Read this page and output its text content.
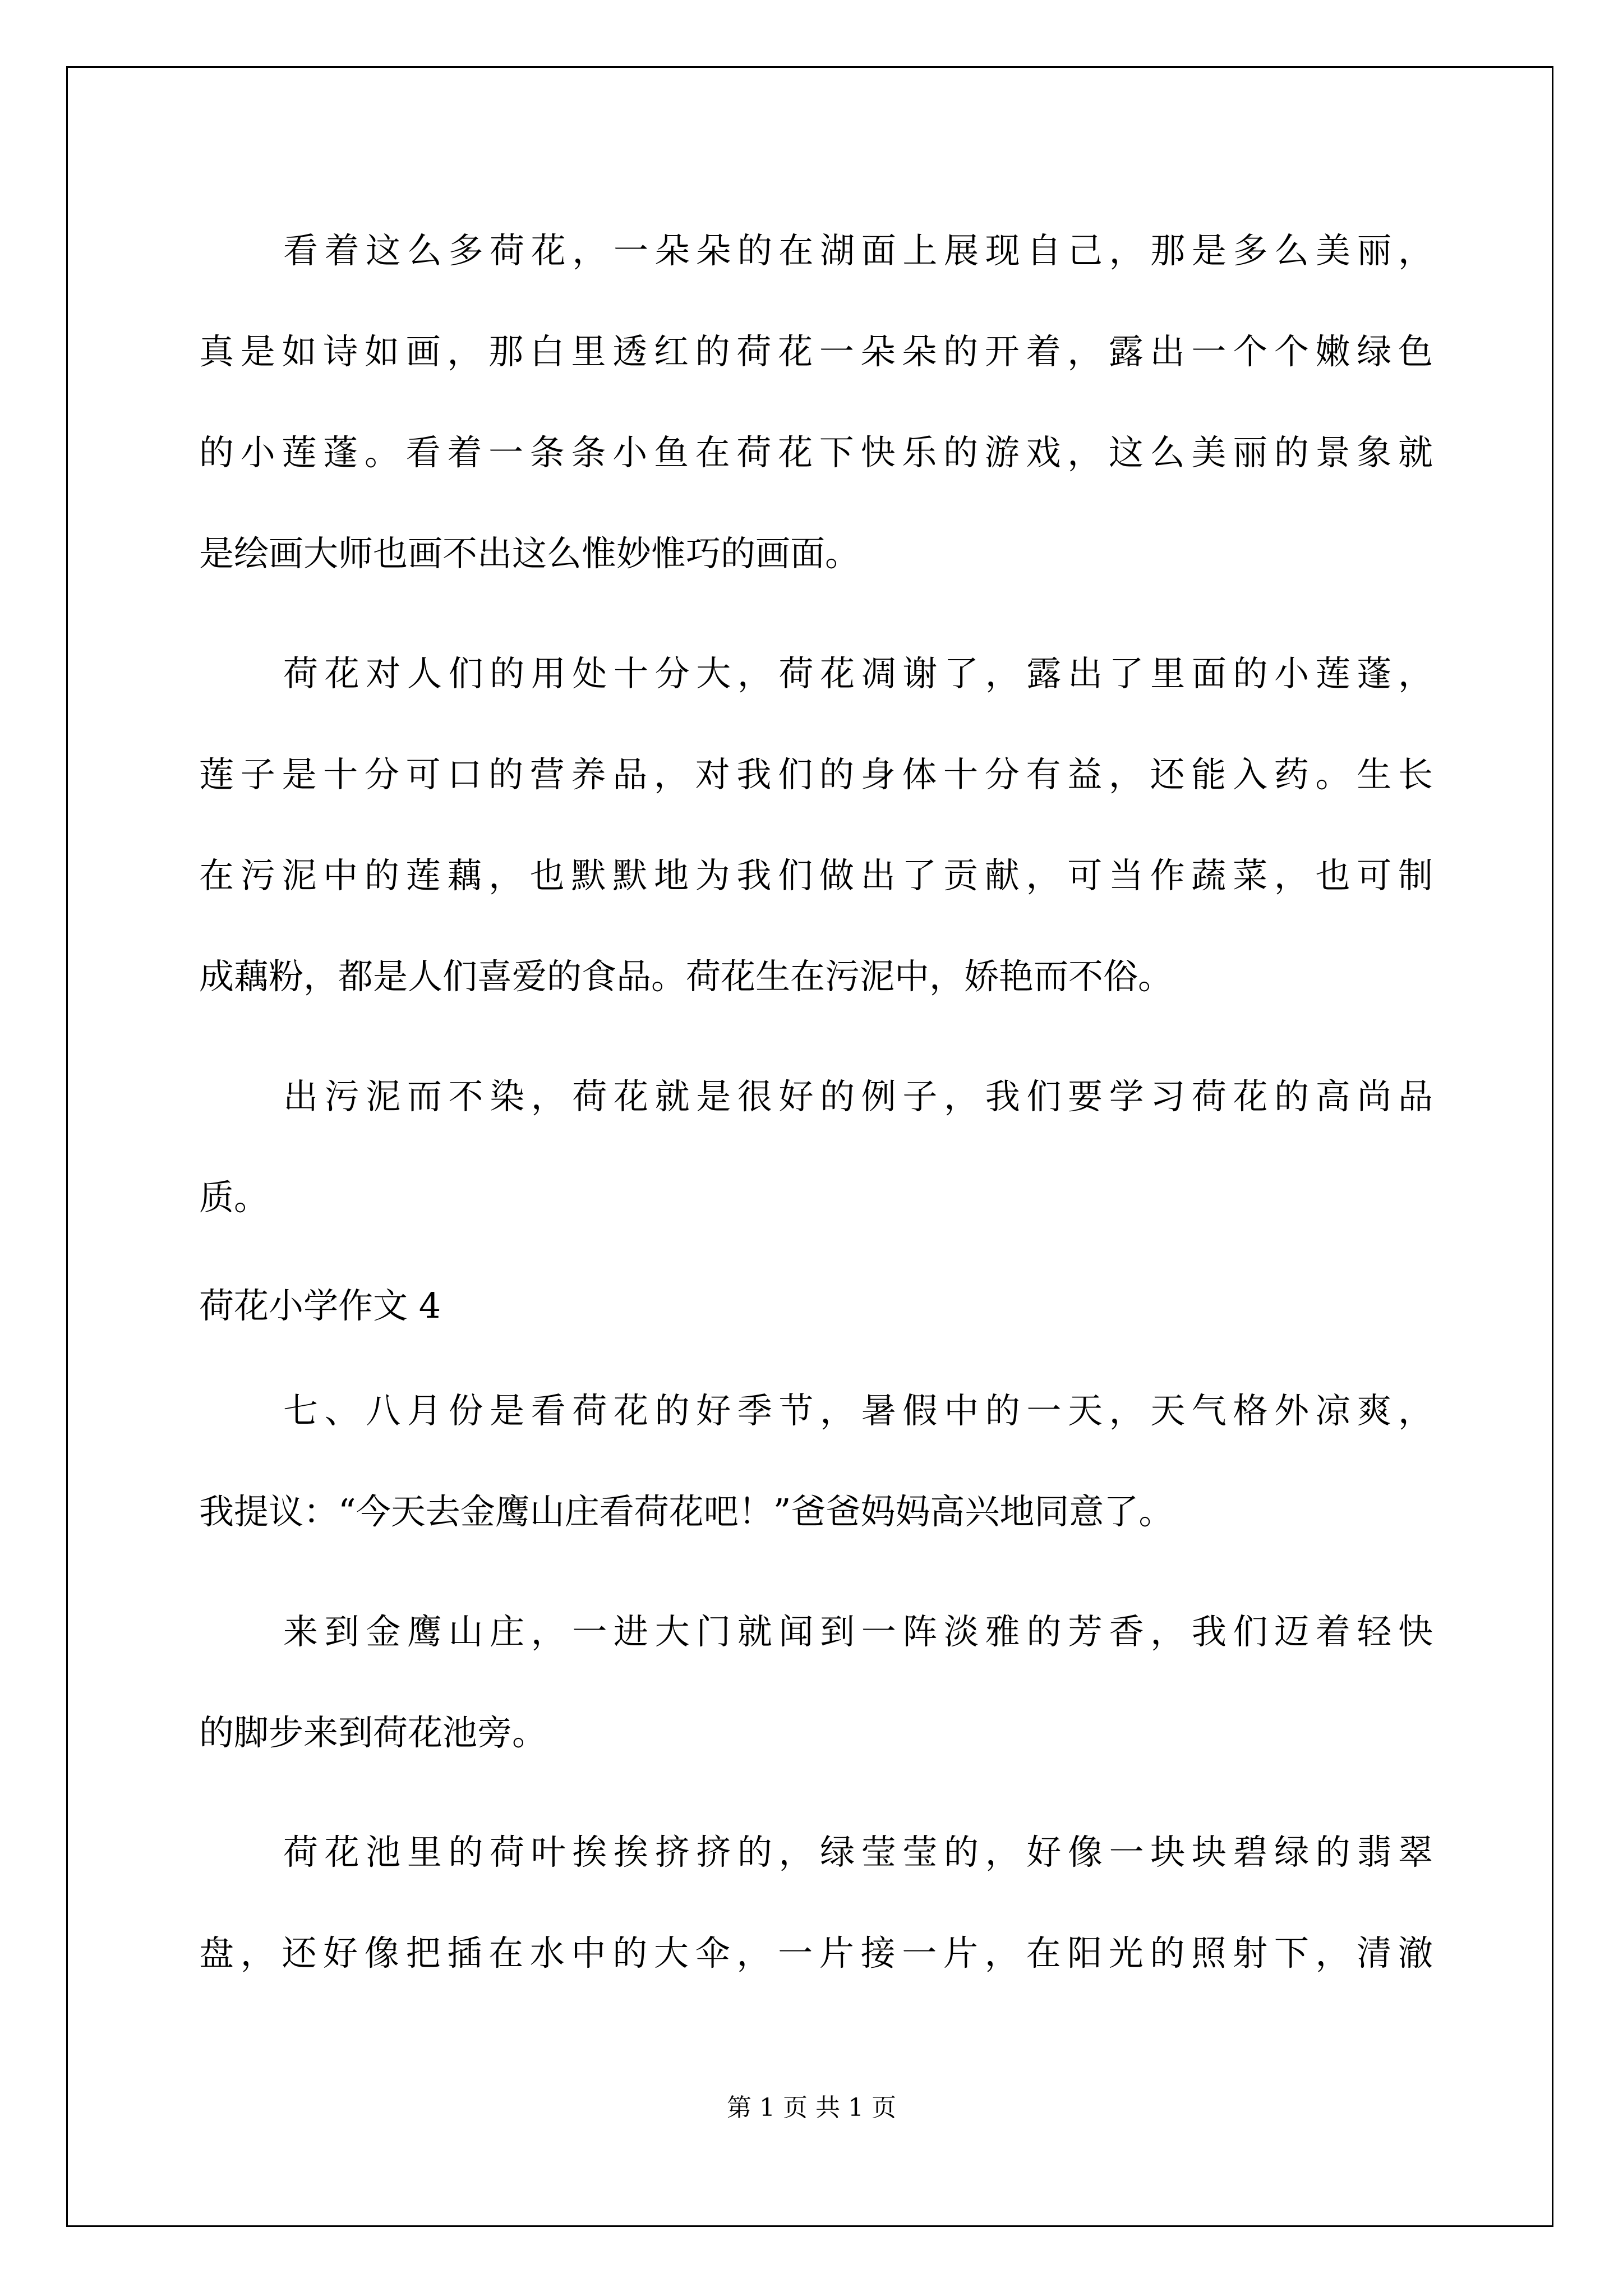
看着这么多荷花，一朵朵的在湖面上展现自己，那是多么美丽，
真是如诗如画，那白里透红的荷花一朵朵的开着，露出一个个嫩绿色
的小莲蓬。看着一条条小鱼在荷花下快乐的游戏，这么美丽的景象就
是绘画大师也画不出这么惟妙惟巧的画面。
荷花对人们的用处十分大，荷花凋谢了，露出了里面的小莲蓬，
莲子是十分可口的营养品，对我们的身体十分有益，还能入药。生长
在污泥中的莲藕，也默默地为我们做出了贡献，可当作蔬菜，也可制
成藕粉，都是人们喜爱的食品。荷花生在污泥中，娇艳而不俗。
出污泥而不染，荷花就是很好的例子，我们要学习荷花的高尚品
质。
荷花小学作文 4
七、八月份是看荷花的好季节，暑假中的一天，天气格外凉爽，
我提议：“今天去金鹰山庄看荷花吧！”爸爸妈妈高兴地同意了。
来到金鹰山庄，一进大门就闻到一阵淡雅的芳香，我们迈着轻快
的脚步来到荷花池旁。
荷花池里的荷叶挨挨挤挤的，绿莹莹的，好像一块块碧绿的翡翠
盘，还好像把插在水中的大伞，一片接一片，在阳光的照射下，清澈
第 1 页 共 1 页
